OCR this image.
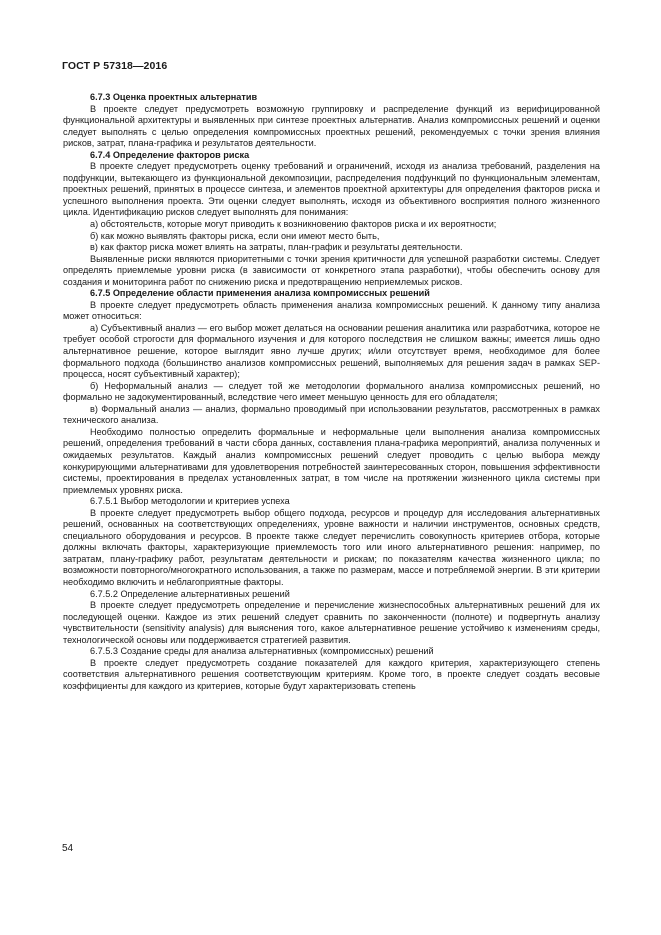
ГОСТ Р 57318—2016

6.7.3 Оценка проектных альтернатив

В проекте следует предусмотреть возможную группировку и распределение функций из верифицированной функциональной архитектуры и выявленных при синтезе проектных альтернатив. Анализ компромиссных решений и оценки следует выполнять с целью определения компромиссных проектных решений, рекомендуемых с точки зрения влияния рисков, затрат, плана-графика и результатов деятельности.

6.7.4 Определение факторов риска

В проекте следует предусмотреть оценку требований и ограничений, исходя из анализа требований, разделения на подфункции, вытекающего из функциональной декомпозиции, распределения подфункций по функциональным элементам, проектных решений, принятых в процессе синтеза, и элементов проектной архитектуры для определения факторов риска и успешного выполнения проекта. Эти оценки следует выполнять, исходя из объективного восприятия полного жизненного цикла. Идентификацию рисков следует выполнять для понимания:

а) обстоятельств, которые могут приводить к возникновению факторов риска и их вероятности;

б) как можно выявлять факторы риска, если они имеют место быть,

в) как фактор риска может влиять на затраты, план-график и результаты деятельности.

Выявленные риски являются приоритетными с точки зрения критичности для успешной разработки системы. Следует определять приемлемые уровни риска (в зависимости от конкретного этапа разработки), чтобы обеспечить основу для создания и мониторинга работ по снижению риска и предотвращению неприемлемых рисков.

6.7.5 Определение области применения анализа компромиссных решений

В проекте следует предусмотреть область применения анализа компромиссных решений. К данному типу анализа может относиться:

а) Субъективный анализ — его выбор может делаться на основании решения аналитика или разработчика, которое не требует особой строгости для формального изучения и для которого последствия не слишком важны; имеется лишь одно альтернативное решение, которое выглядит явно лучше других; и/или отсутствует время, необходимое для более формального подхода (большинство анализов компромиссных решений, выполняемых для решения задач в рамках SEP-процесса, носят субъективный характер);

б) Неформальный анализ — следует той же методологии формального анализа компромиссных решений, но формально не задокументированный, вследствие чего имеет меньшую ценность для его обладателя;

в) Формальный анализ — анализ, формально проводимый при использовании результатов, рассмотренных в рамках технического анализа.

Необходимо полностью определить формальные и неформальные цели выполнения анализа компромиссных решений, определения требований в части сбора данных, составления плана-графика мероприятий, анализа полученных и ожидаемых результатов. Каждый анализ компромиссных решений следует проводить с целью выбора между конкурирующими альтернативами для удовлетворения потребностей заинтересованных сторон, повышения эффективности системы, проектирования в пределах установленных затрат, в том числе на протяжении жизненного цикла системы при приемлемых уровнях риска.

6.7.5.1 Выбор методологии и критериев успеха

В проекте следует предусмотреть выбор общего подхода, ресурсов и процедур для исследования альтернативных решений, основанных на соответствующих определениях, уровне важности и наличии инструментов, основных средств, специального оборудования и ресурсов. В проекте также следует перечислить совокупность критериев отбора, которые должны включать факторы, характеризующие приемлемость того или иного альтернативного решения: например, по затратам, плану-графику работ, результатам деятельности и рискам; по показателям качества жизненного цикла; по возможности повторного/многократного использования, а также по размерам, массе и потребляемой энергии. В эти критерии необходимо включить и неблагоприятные факторы.

6.7.5.2 Определение альтернативных решений

В проекте следует предусмотреть определение и перечисление жизнеспособных альтернативных решений для их последующей оценки. Каждое из этих решений следует сравнить по законченности (полноте) и подвергнуть анализу чувствительности (sensitivity analysis) для выяснения того, какое альтернативное решение устойчиво к изменениям среды, технологической основы или поддерживается стратегией развития.

6.7.5.3 Создание среды для анализа альтернативных (компромиссных) решений

В проекте следует предусмотреть создание показателей для каждого критерия, характеризующего степень соответствия альтернативного решения соответствующим критериям. Кроме того, в проекте следует создать весовые коэффициенты для каждого из критериев, которые будут характеризовать степень

54
